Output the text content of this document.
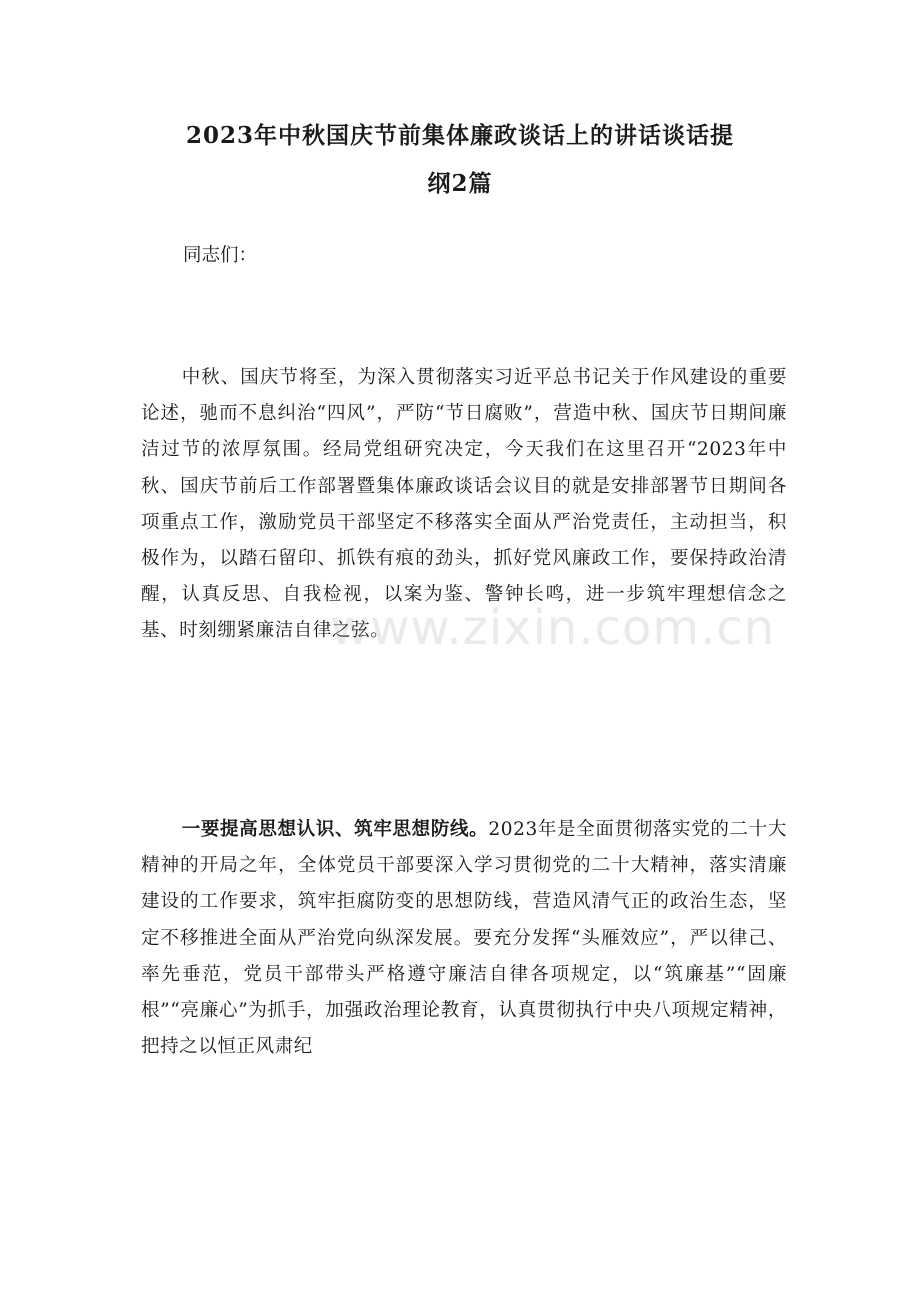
2023年中秋国庆节前集体廉政谈话上的讲话谈话提
纲2篇

同志们：

中秋、国庆节将至，为深入贯彻落实习近平总书记关于作风建设的重要论述，驰而不息纠治“四风”，严防“节日腐败”，营造中秋、国庆节日期间廉洁过节的浓厚氛围。经局党组研究决定，今天我们在这里召开“2023年中秋、国庆节前后工作部署暨集体廉政谈话会议目的就是安排部署节日期间各项重点工作，激励党员干部坚定不移落实全面从严治党责任，主动担当，积极作为，以踏石留印、抓铁有痕的劲头，抓好党风廉政工作，要保持政治清醒，认真反思、自我检视，以案为鉴、警钟长鸣，进一步筑牢理想信念之基、时刻绷紧廉洁自律之弦。

一要提高思想认识、筑牢思想防线。2023年是全面贯彻落实党的二十大精神的开局之年，全体党员干部要深入学习贯彻党的二十大精神，落实清廉建设的工作要求，筑牢拒腐防变的思想防线，营造风清气正的政治生态，坚定不移推进全面从严治党向纵深发展。要充分发挥“头雁效应”，严以律己、率先垂范，党员干部带头严格遵守廉洁自律各项规定，以“筑廉基”“固廉根”“亮廉心”为抓手，加强政治理论教育，认真贯彻执行中央八项规定精神，把持之以恒正风肃纪

www.zixin.com.cn
